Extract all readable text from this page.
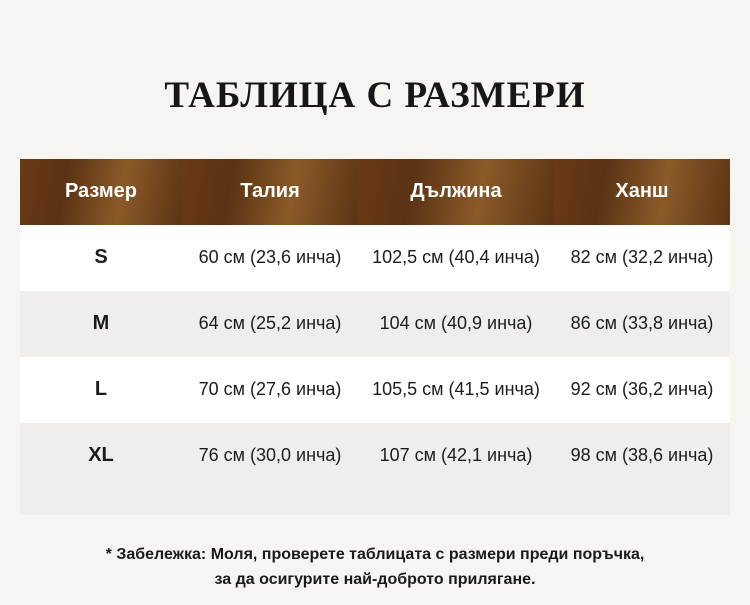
ТАБЛИЦА С РАЗМЕРИ
Размер	Талия	Дължина	Ханш
S	60 см (23,6 инча)	102,5 см (40,4 инча)	82 см (32,2 инча)
M	64 см (25,2 инча)	104 см (40,9 инча)	86 см (33,8 инча)
L	70 см (27,6 инча)	105,5 см (41,5 инча)	92 см (36,2 инча)
XL	76 см (30,0 инча)	107 см (42,1 инча)	98 см (38,6 инча)
* Забележка: Моля, проверете таблицата с размери преди поръчка,
за да осигурите най-доброто прилягане.
